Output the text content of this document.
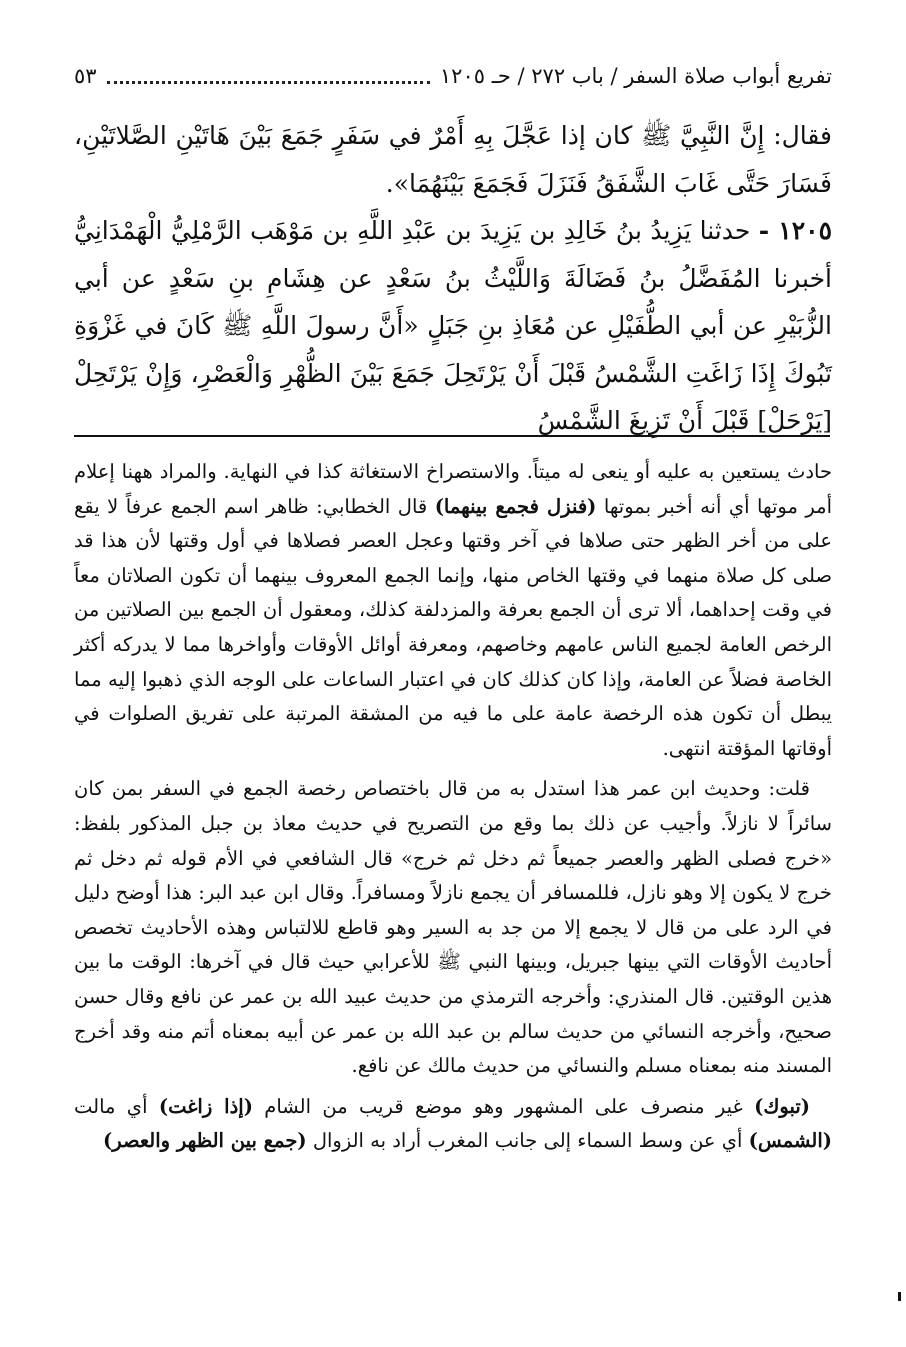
تفريع أبواب صلاة السفر / باب ٢٧٢ / حـ ١٢٠٥
٥٣

فقال: إِنَّ النَّبِيَّ ﷺ كان إذا عَجَّلَ بِهِ أَمْرٌ في سَفَرٍ جَمَعَ بَيْنَ هَاتَيْنِ الصَّلاتَيْنِ، فَسَارَ حَتَّى غَابَ الشَّفَقُ فَنَزَلَ فَجَمَعَ بَيْنَهُمَا».

١٢٠٥ - حدثنا يَزِيدُ بنُ خَالِدِ بن يَزِيدَ بن عَبْدِ اللَّهِ بن مَوْهَب الرَّمْلِيُّ الْهَمْدَانِيُّ أخبرنا المُفَضَّلُ بنُ فَضَالَةَ وَاللَّيْثُ بنُ سَعْدٍ عن هِشَامِ بنِ سَعْدٍ عن أبي الزُّبَيْرِ عن أبي الطُّفَيْلِ عن مُعَاذِ بنِ جَبَلٍ «أَنَّ رسولَ اللَّهِ ﷺ كَانَ في غَزْوَةِ تَبُوكَ إِذَا زَاغَتِ الشَّمْسُ قَبْلَ أَنْ يَرْتَحِلَ جَمَعَ بَيْنَ الظُّهْرِ وَالْعَصْرِ، وَإِنْ يَرْتَحِلْ [يَرْحَلْ] قَبْلَ أَنْ تَزِيغَ الشَّمْسُ

حادث يستعين به عليه أو ينعى له ميتاً. والاستصراخ الاستغاثة كذا في النهاية. والمراد ههنا إعلام أمر موتها أي أنه أخبر بموتها (فنزل فجمع بينهما) قال الخطابي: ظاهر اسم الجمع عرفاً لا يقع على من أخر الظهر حتى صلاها في آخر وقتها وعجل العصر فصلاها في أول وقتها لأن هذا قد صلى كل صلاة منهما في وقتها الخاص منها، وإنما الجمع المعروف بينهما أن تكون الصلاتان معاً في وقت إحداهما، ألا ترى أن الجمع بعرفة والمزدلفة كذلك، ومعقول أن الجمع بين الصلاتين من الرخص العامة لجميع الناس عامهم وخاصهم، ومعرفة أوائل الأوقات وأواخرها مما لا يدركه أكثر الخاصة فضلاً عن العامة، وإذا كان كذلك كان في اعتبار الساعات على الوجه الذي ذهبوا إليه مما يبطل أن تكون هذه الرخصة عامة على ما فيه من المشقة المرتبة على تفريق الصلوات في أوقاتها المؤقتة انتهى.

قلت: وحديث ابن عمر هذا استدل به من قال باختصاص رخصة الجمع في السفر بمن كان سائراً لا نازلاً. وأجيب عن ذلك بما وقع من التصريح في حديث معاذ بن جبل المذكور بلفظ: «خرج فصلى الظهر والعصر جميعاً ثم دخل ثم خرج» قال الشافعي في الأم قوله ثم دخل ثم خرج لا يكون إلا وهو نازل، فللمسافر أن يجمع نازلاً ومسافراً. وقال ابن عبد البر: هذا أوضح دليل في الرد على من قال لا يجمع إلا من جد به السير وهو قاطع للالتباس وهذه الأحاديث تخصص أحاديث الأوقات التي بينها جبريل، وبينها النبي ﷺ للأعرابي حيث قال في آخرها: الوقت ما بين هذين الوقتين. قال المنذري: وأخرجه الترمذي من حديث عبيد الله بن عمر عن نافع وقال حسن صحيح، وأخرجه النسائي من حديث سالم بن عبد الله بن عمر عن أبيه بمعناه أتم منه وقد أخرج المسند منه بمعناه مسلم والنسائي من حديث مالك عن نافع.

(تبوك) غير منصرف على المشهور وهو موضع قريب من الشام (إذا زاغت) أي مالت (الشمس) أي عن وسط السماء إلى جانب المغرب أراد به الزوال (جمع بين الظهر والعصر)
